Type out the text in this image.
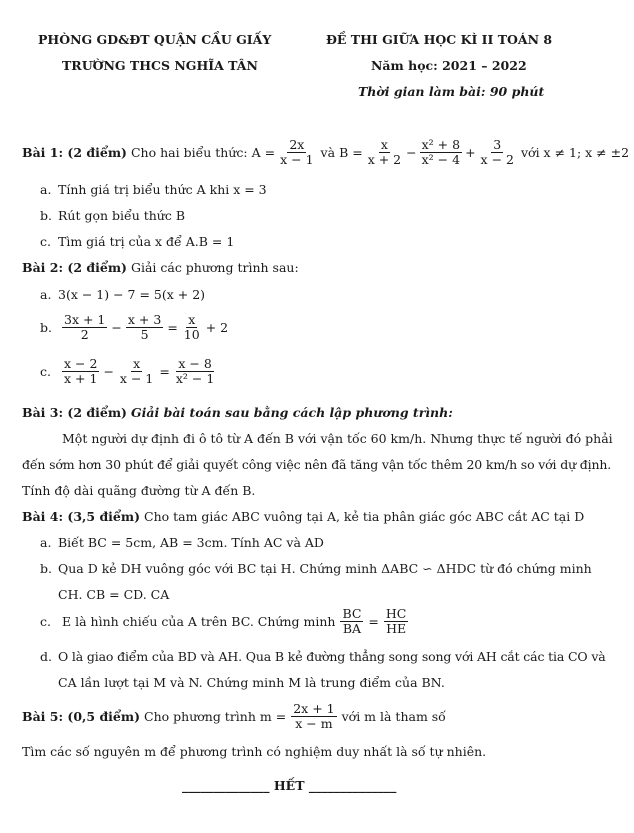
PHÒNG GD&ĐT QUẬN CẦU GIẤY
TRƯỜNG THCS NGHĨA TÂN
ĐỀ THI GIỮA HỌC KÌ II TOÁN 8
Năm học: 2021 – 2022
Thời gian làm bài: 90 phút
Bài 1: (2 điểm) Cho hai biểu thức: $A = \frac{2x}{x - 1}$ và $B = \frac{x}{x + 2} - \frac{\text{x² + 8}}{\text{x² − 4}} + \frac{3}{x - 2}$ với x ≠ 1; x ≠ ±2
a. Tính giá trị biểu thức A khi x = 3
b. Rút gọn biểu thức B
c. Tìm giá trị của x để A.B = 1
Bài 2: (2 điểm) Giải các phương trình sau:
a. 3(x − 1) − 7 = 5(x + 2)
b. $\frac{3x + 1}{2} - \frac{x + 3}{5} = \frac{x}{10} + 2$
c. $\frac{x - 2}{x + 1} - \frac{x}{x - 1} = \frac{x - 8}{\text{x² − 1}}$
Bài 3: (2 điểm) Giải bài toán sau bằng cách lập phương trình:
Một người dự định đi ô tô từ A đến B với vận tốc 60 km/h. Nhưng thực tế người đó phải
đến sớm hơn 30 phút để giải quyết công việc nên đã tăng vận tốc thêm 20 km/h so với dự định.
Tính độ dài quãng đường từ A đến B.
Bài 4: (3,5 điểm) Cho tam giác ABC vuông tại A, kẻ tia phân giác góc ABC cắt AC tại D
a. Biết BC = 5cm, AB = 3cm. Tính AC và AD
b. Qua D kẻ DH vuông góc với BC tại H. Chứng minh ΔABC ∽ ΔHDC từ đó chứng minh
CH. CB = CD. CA
c. E là hình chiếu của A trên BC. Chứng minh $\frac{BC}{BA} = \frac{HC}{HE}$
d. O là giao điểm của BD và AH. Qua B kẻ đường thẳng song song với AH cắt các tia CO và
CA lần lượt tại M và N. Chứng minh M là trung điểm của BN.
Bài 5: (0,5 điểm) Cho phương trình $m = \frac{2x + 1}{x - m}$ với m là tham số
Tìm các số nguyên m để phương trình có nghiệm duy nhất là số tự nhiên.
______________ HẾT ______________
